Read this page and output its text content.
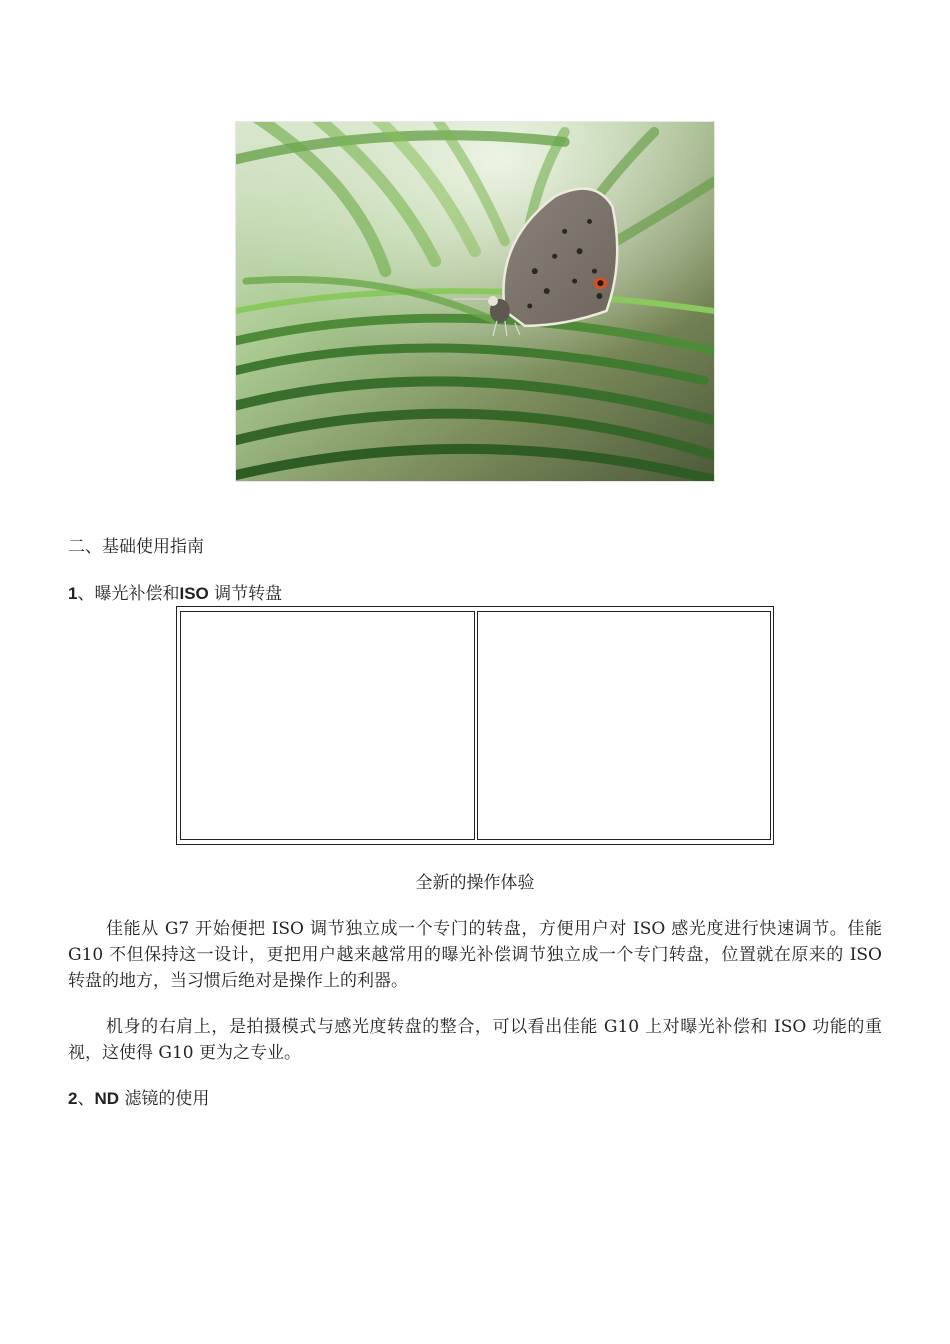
二、基础使用指南
1、曝光补偿和ISO 调节转盘
全新的操作体验
佳能从 G7 开始便把 ISO 调节独立成一个专门的转盘，方便用户对 ISO 感光度进行快速调节。佳能 G10 不但保持这一设计，更把用户越来越常用的曝光补偿调节独立成一个专门转盘，位置就在原来的 ISO 转盘的地方，当习惯后绝对是操作上的利器。
机身的右肩上，是拍摄模式与感光度转盘的整合，可以看出佳能 G10 上对曝光补偿和 ISO 功能的重视，这使得 G10 更为之专业。
2、ND 滤镜的使用
